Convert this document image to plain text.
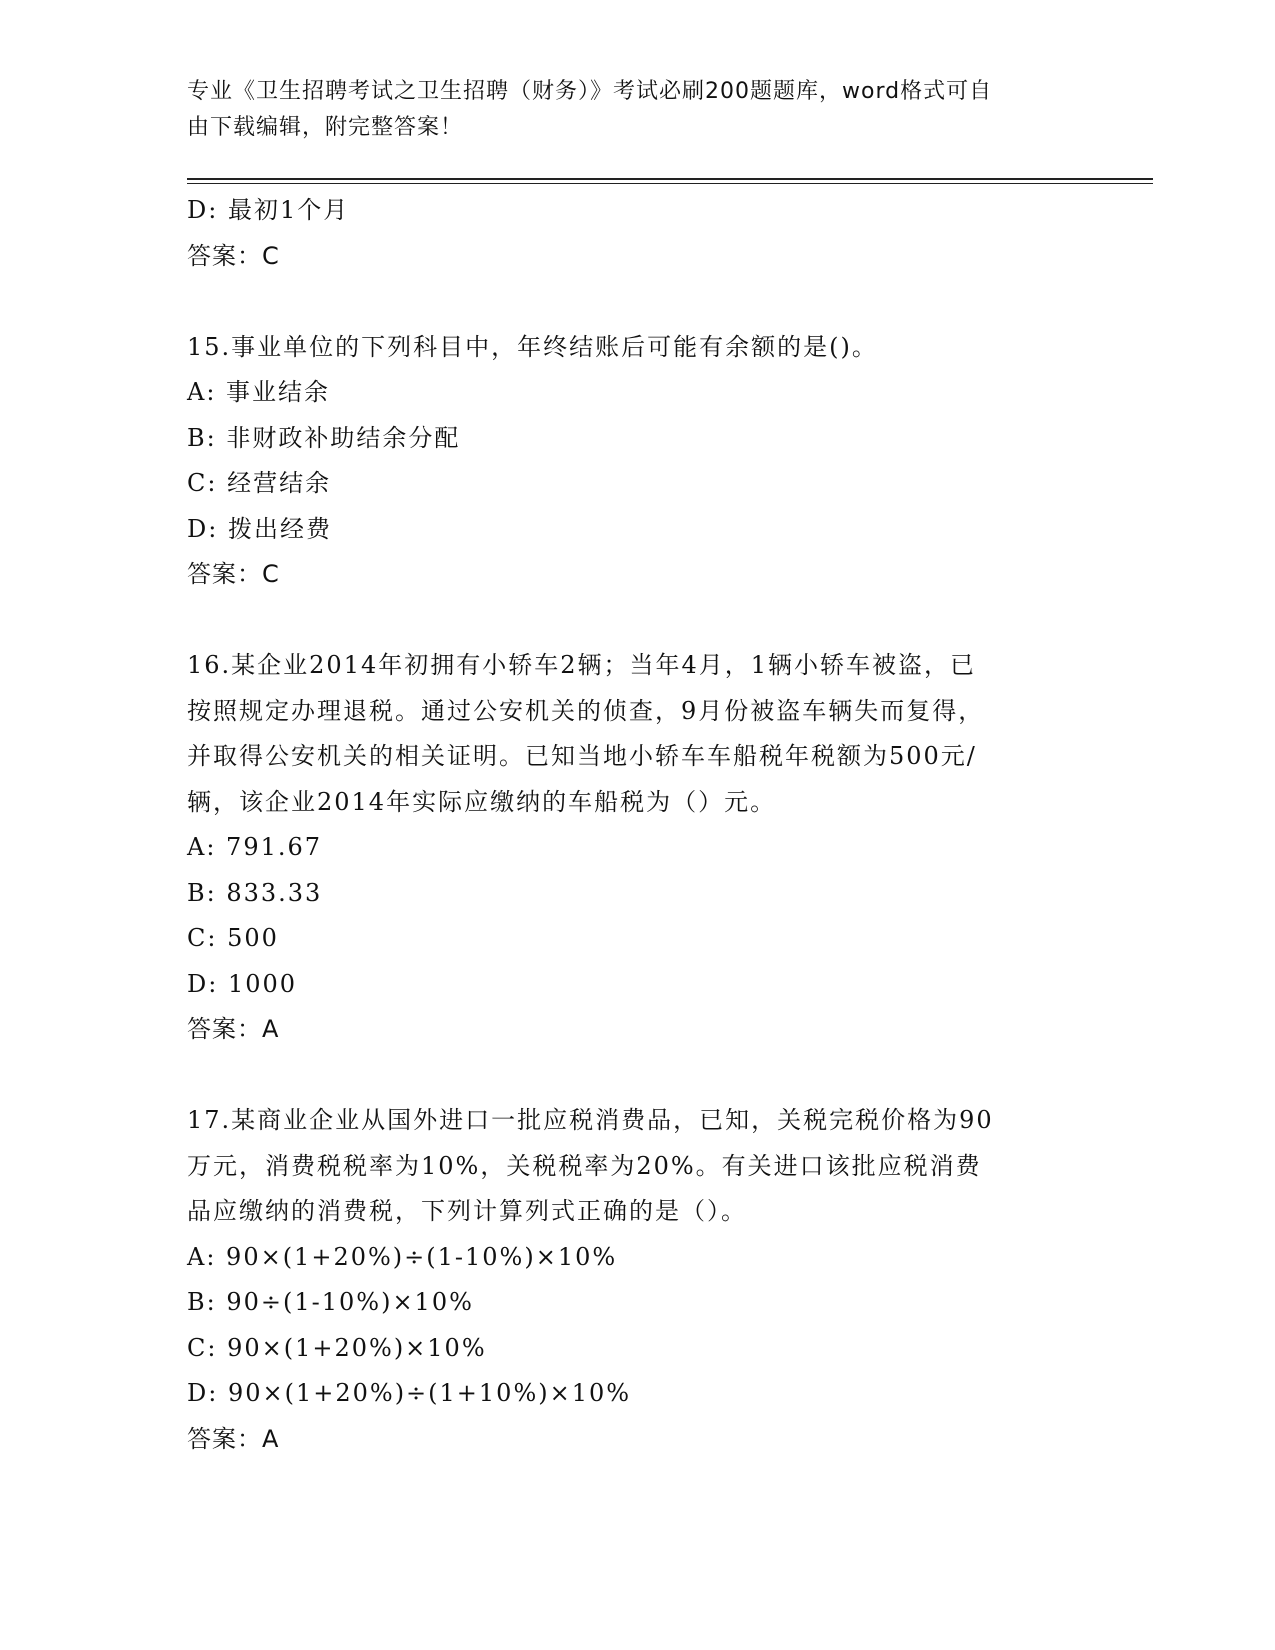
专业《卫生招聘考试之卫生招聘（财务）》考试必刷200题题库，word格式可自
由下载编辑，附完整答案！
D: 最初1个月
答案：C
15.事业单位的下列科目中，年终结账后可能有余额的是()。
A: 事业结余
B: 非财政补助结余分配
C: 经营结余
D: 拨出经费
答案：C
16.某企业2014年初拥有小轿车2辆；当年4月，1辆小轿车被盗，已
按照规定办理退税。通过公安机关的侦查，9月份被盗车辆失而复得，
并取得公安机关的相关证明。已知当地小轿车车船税年税额为500元/
辆，该企业2014年实际应缴纳的车船税为（）元。
A: 791.67
B: 833.33
C: 500
D: 1000
答案：A
17.某商业企业从国外进口一批应税消费品，已知，关税完税价格为90
万元，消费税税率为10%，关税税率为20%。有关进口该批应税消费
品应缴纳的消费税，下列计算列式正确的是（）。
A: 90×(1+20%)÷(1-10%)×10%
B: 90÷(1-10%)×10%
C: 90×(1+20%)×10%
D: 90×(1+20%)÷(1+10%)×10%
答案：A
